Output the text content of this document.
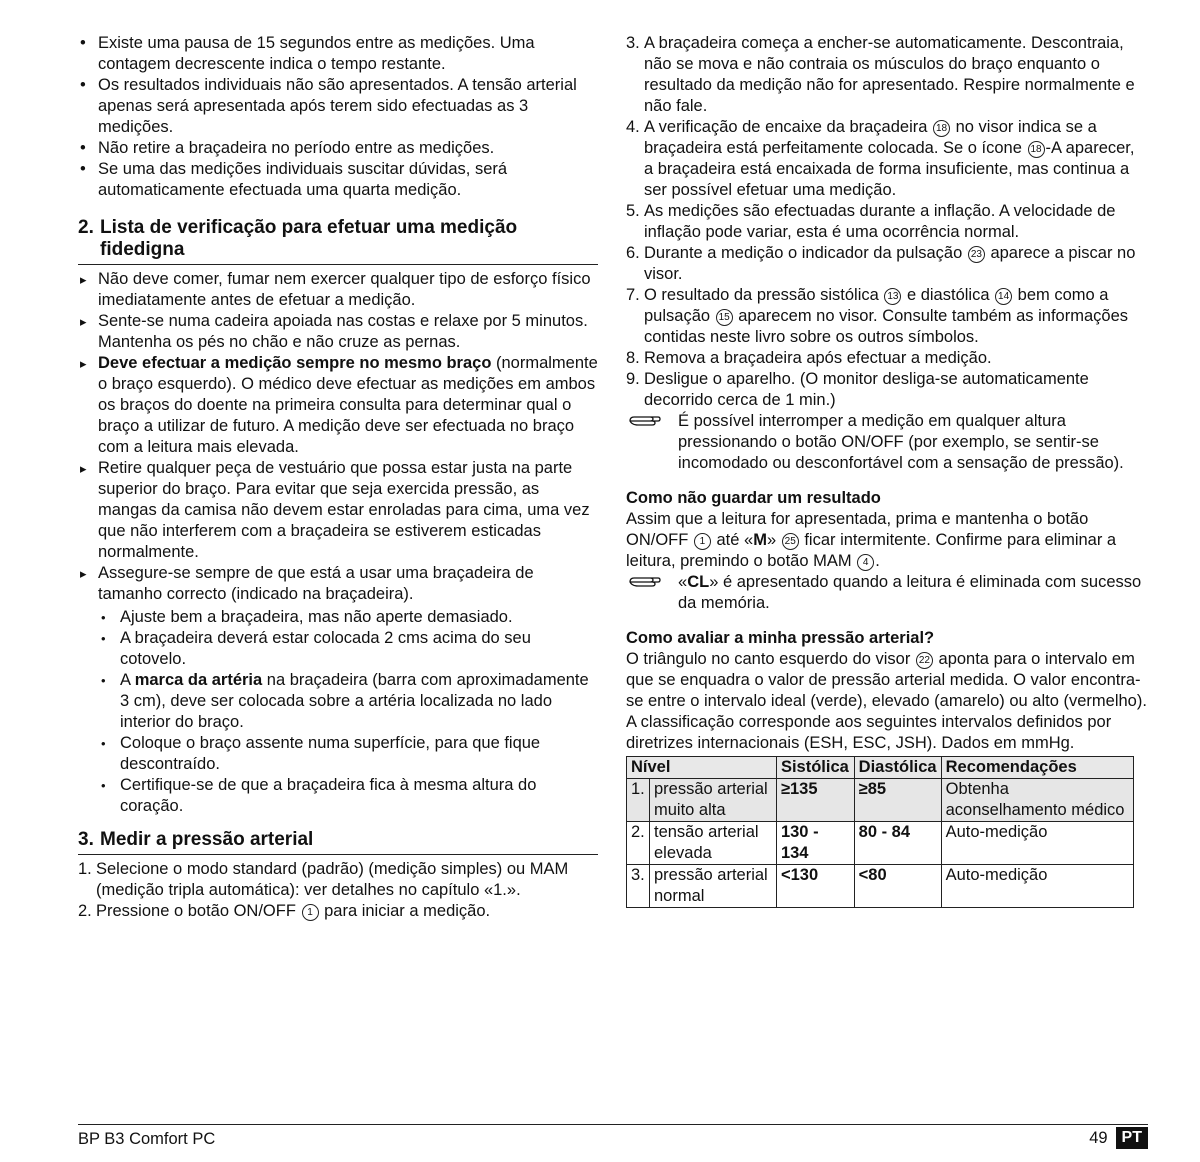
• Existe uma pausa de 15 segundos entre as medições. Uma contagem decrescente indica o tempo restante.
• Os resultados individuais não são apresentados. A tensão arterial apenas será apresentada após terem sido efectuadas as 3 medições.
• Não retire a braçadeira no período entre as medições.
• Se uma das medições individuais suscitar dúvidas, será automaticamente efectuada uma quarta medição.
2. Lista de verificação para efetuar uma medição fidedigna
▸ Não deve comer, fumar nem exercer qualquer tipo de esforço físico imediatamente antes de efetuar a medição.
▸ Sente-se numa cadeira apoiada nas costas e relaxe por 5 minutos. Mantenha os pés no chão e não cruze as pernas.
▸ Deve efectuar a medição sempre no mesmo braço (normalmente o braço esquerdo). O médico deve efectuar as medições em ambos os braços do doente na primeira consulta para determinar qual o braço a utilizar de futuro. A medição deve ser efectuada no braço com a leitura mais elevada.
▸ Retire qualquer peça de vestuário que possa estar justa na parte superior do braço. Para evitar que seja exercida pressão, as mangas da camisa não devem estar enroladas para cima, uma vez que não interferem com a braçadeira se estiverem esticadas normalmente.
▸ Assegure-se sempre de que está a usar uma braçadeira de tamanho correcto (indicado na braçadeira).
• Ajuste bem a braçadeira, mas não aperte demasiado.
• A braçadeira deverá estar colocada 2 cms acima do seu cotovelo.
• A marca da artéria na braçadeira (barra com aproximadamente 3 cm), deve ser colocada sobre a artéria localizada no lado interior do braço.
• Coloque o braço assente numa superfície, para que fique descontraído.
• Certifique-se de que a braçadeira fica à mesma altura do coração.
3. Medir a pressão arterial
1. Selecione o modo standard (padrão) (medição simples) ou MAM (medição tripla automática): ver detalhes no capítulo «1.».
2. Pressione o botão ON/OFF 1 para iniciar a medição.
3. A braçadeira começa a encher-se automaticamente. Descontraia, não se mova e não contraia os músculos do braço enquanto o resultado da medição não for apresentado. Respire normalmente e não fale.
4. A verificação de encaixe da braçadeira 18 no visor indica se a braçadeira está perfeitamente colocada. Se o ícone 18 -A aparecer, a braçadeira está encaixada de forma insuficiente, mas continua a ser possível efetuar uma medição.
5. As medições são efectuadas durante a inflação. A velocidade de inflação pode variar, esta é uma ocorrência normal.
6. Durante a medição o indicador da pulsação 23 aparece a piscar no visor.
7. O resultado da pressão sistólica 13 e diastólica 14 bem como a pulsação 15 aparecem no visor. Consulte também as informações contidas neste livro sobre os outros símbolos.
8. Remova a braçadeira após efectuar a medição.
9. Desligue o aparelho. (O monitor desliga-se automaticamente decorrido cerca de 1 min.)
É possível interromper a medição em qualquer altura pressionando o botão ON/OFF (por exemplo, se sentir-se incomodado ou desconfortável com a sensação de pressão).
Como não guardar um resultado

Assim que a leitura for apresentada, prima e mantenha o botão ON/OFF 1 até «M» 25 ficar intermitente. Confirme para eliminar a leitura, premindo o botão MAM 4 .

«CL» é apresentado quando a leitura é eliminada com sucesso da memória.
Como avaliar a minha pressão arterial?

O triângulo no canto esquerdo do visor 22 aponta para o intervalo em que se enquadra o valor de pressão arterial medida. O valor encontra-se entre o intervalo ideal (verde), elevado (amarelo) ou alto (vermelho). A classificação corresponde aos seguintes intervalos definidos por diretrizes internacionais (ESH, ESC, JSH). Dados em mmHg.

Nível		Sistólica	Diastólica	Recomendações
1.	pressão arterial muito alta	≥135	≥85	Obtenha aconselhamento médico
2.	tensão arterial elevada	130 - 134	80 - 84	Auto-medição
3.	pressão arterial normal	<130	<80	Auto-medição
BP B3 Comfort PC	49 PT
